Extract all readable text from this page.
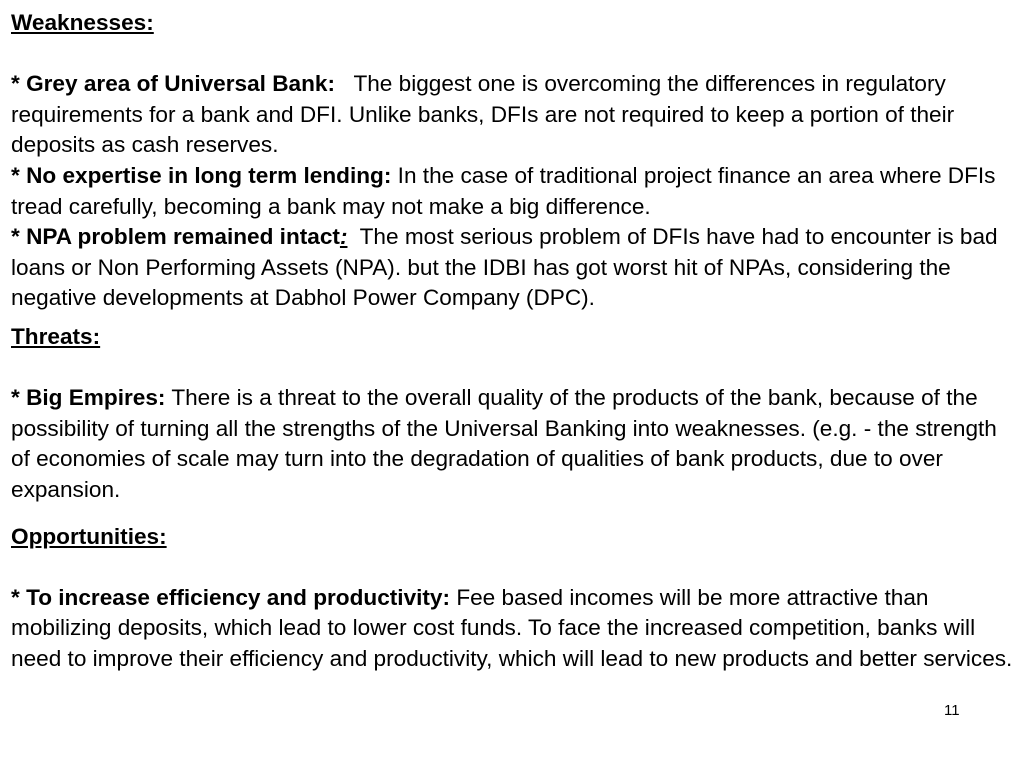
Weaknesses:

* Grey area of Universal Bank: The biggest one is overcoming the differences in regulatory requirements for a bank and DFI. Unlike banks, DFIs are not required to keep a portion of their deposits as cash reserves.

* No expertise in long term lending: In the case of traditional project finance an area where DFIs tread carefully, becoming a bank may not make a big difference.

* NPA problem remained intact: The most serious problem of DFIs have had to encounter is bad loans or Non Performing Assets (NPA). but the IDBI has got worst hit of NPAs, considering the negative developments at Dabhol Power Company (DPC).

Threats:

* Big Empires: There is a threat to the overall quality of the products of the bank, because of the possibility of turning all the strengths of the Universal Banking into weaknesses. (e.g. - the strength of economies of scale may turn into the degradation of qualities of bank products, due to over expansion.

Opportunities:

* To increase efficiency and productivity: Fee based incomes will be more attractive than mobilizing deposits, which lead to lower cost funds. To face the increased competition, banks will need to improve their efficiency and productivity, which will lead to new products and better services.

11
